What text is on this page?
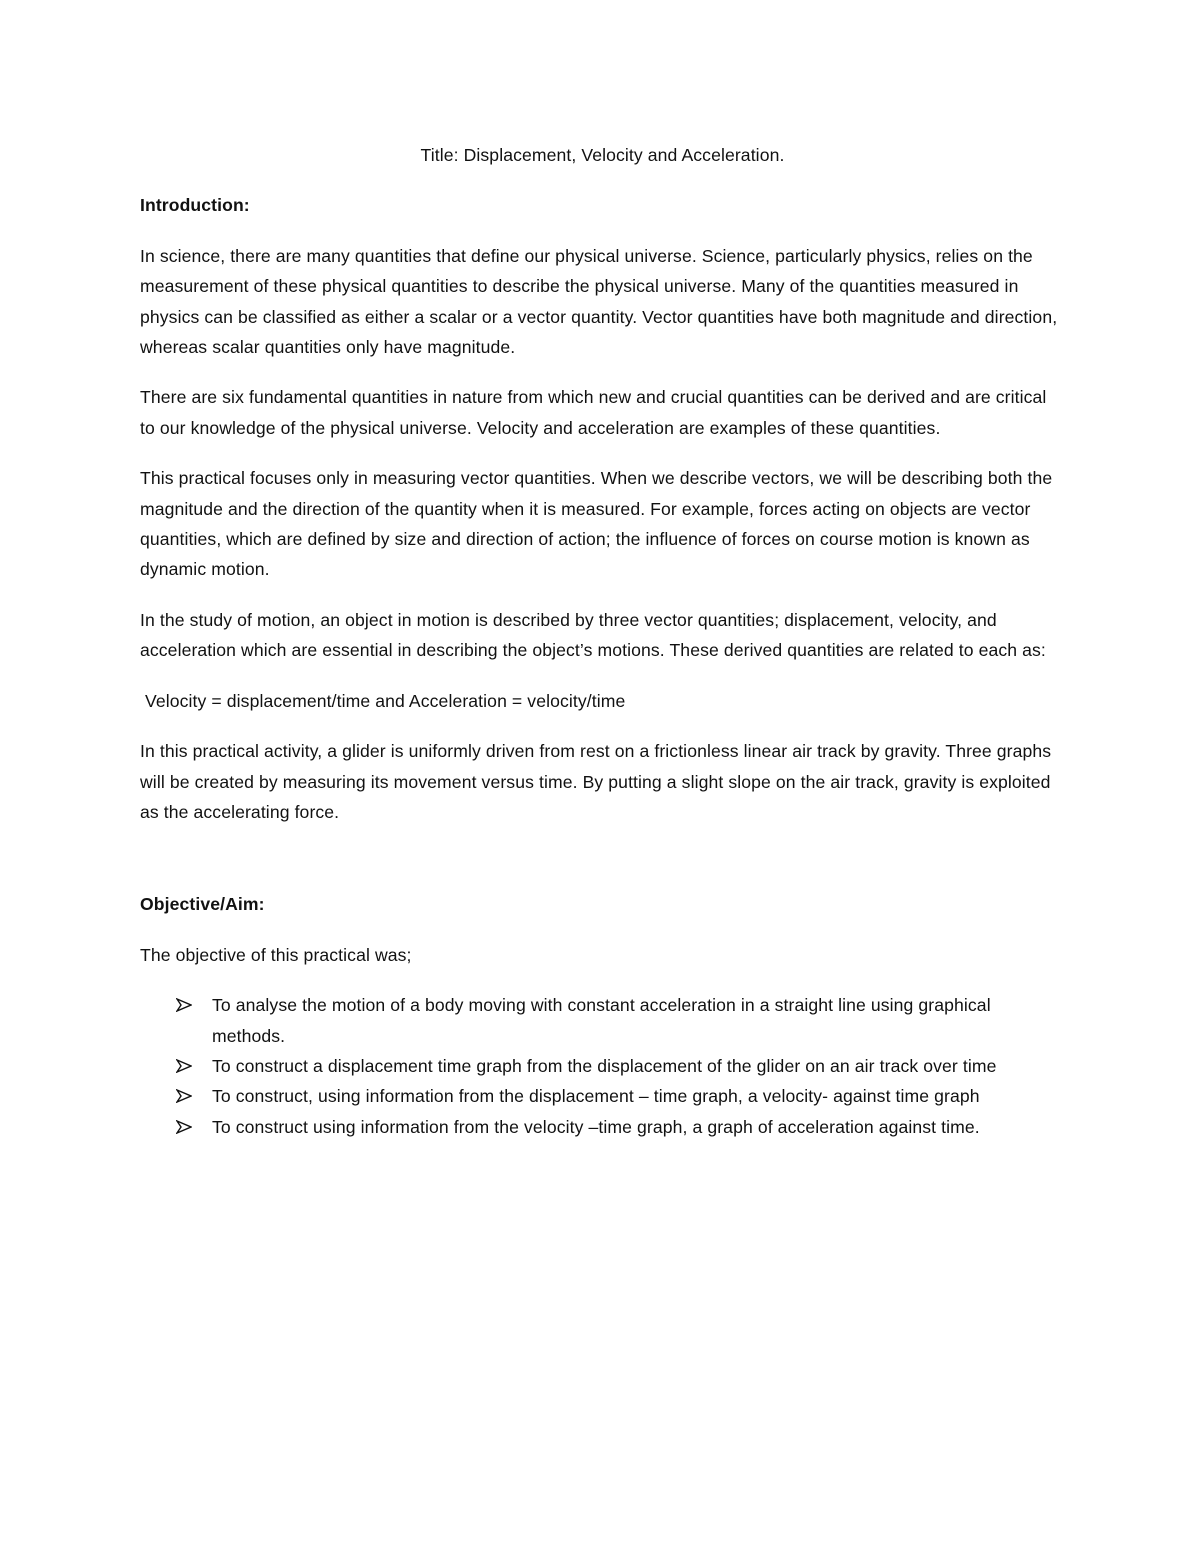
Title: Displacement, Velocity and Acceleration.
Introduction:

In science, there are many quantities that define our physical universe. Science, particularly physics, relies on the measurement of these physical quantities to describe the physical universe. Many of the quantities measured in physics can be classified as either a scalar or a vector quantity. Vector quantities have both magnitude and direction, whereas scalar quantities only have magnitude.

There are six fundamental quantities in nature from which new and crucial quantities can be derived and are critical to our knowledge of the physical universe. Velocity and acceleration are examples of these quantities.

This practical focuses only in measuring vector quantities. When we describe vectors, we will be describing both the magnitude and the direction of the quantity when it is measured. For example, forces acting on objects are vector quantities, which are defined by size and direction of action; the influence of forces on course motion is known as dynamic motion.

In the study of motion, an object in motion is described by three vector quantities; displacement, velocity, and acceleration which are essential in describing the object’s motions. These derived quantities are related to each as:

Velocity = displacement/time and Acceleration = velocity/time

In this practical activity, a glider is uniformly driven from rest on a frictionless linear air track by gravity. Three graphs will be created by measuring its movement versus time. By putting a slight slope on the air track, gravity is exploited as the accelerating force.

Objective/Aim:

The objective of this practical was;

To analyse the motion of a body moving with constant acceleration in a straight line using graphical methods.
To construct a displacement time graph from the displacement of the glider on an air track over time
To construct, using information from the displacement – time graph, a velocity- against time graph
To construct using information from the velocity –time graph, a graph of acceleration against time.
